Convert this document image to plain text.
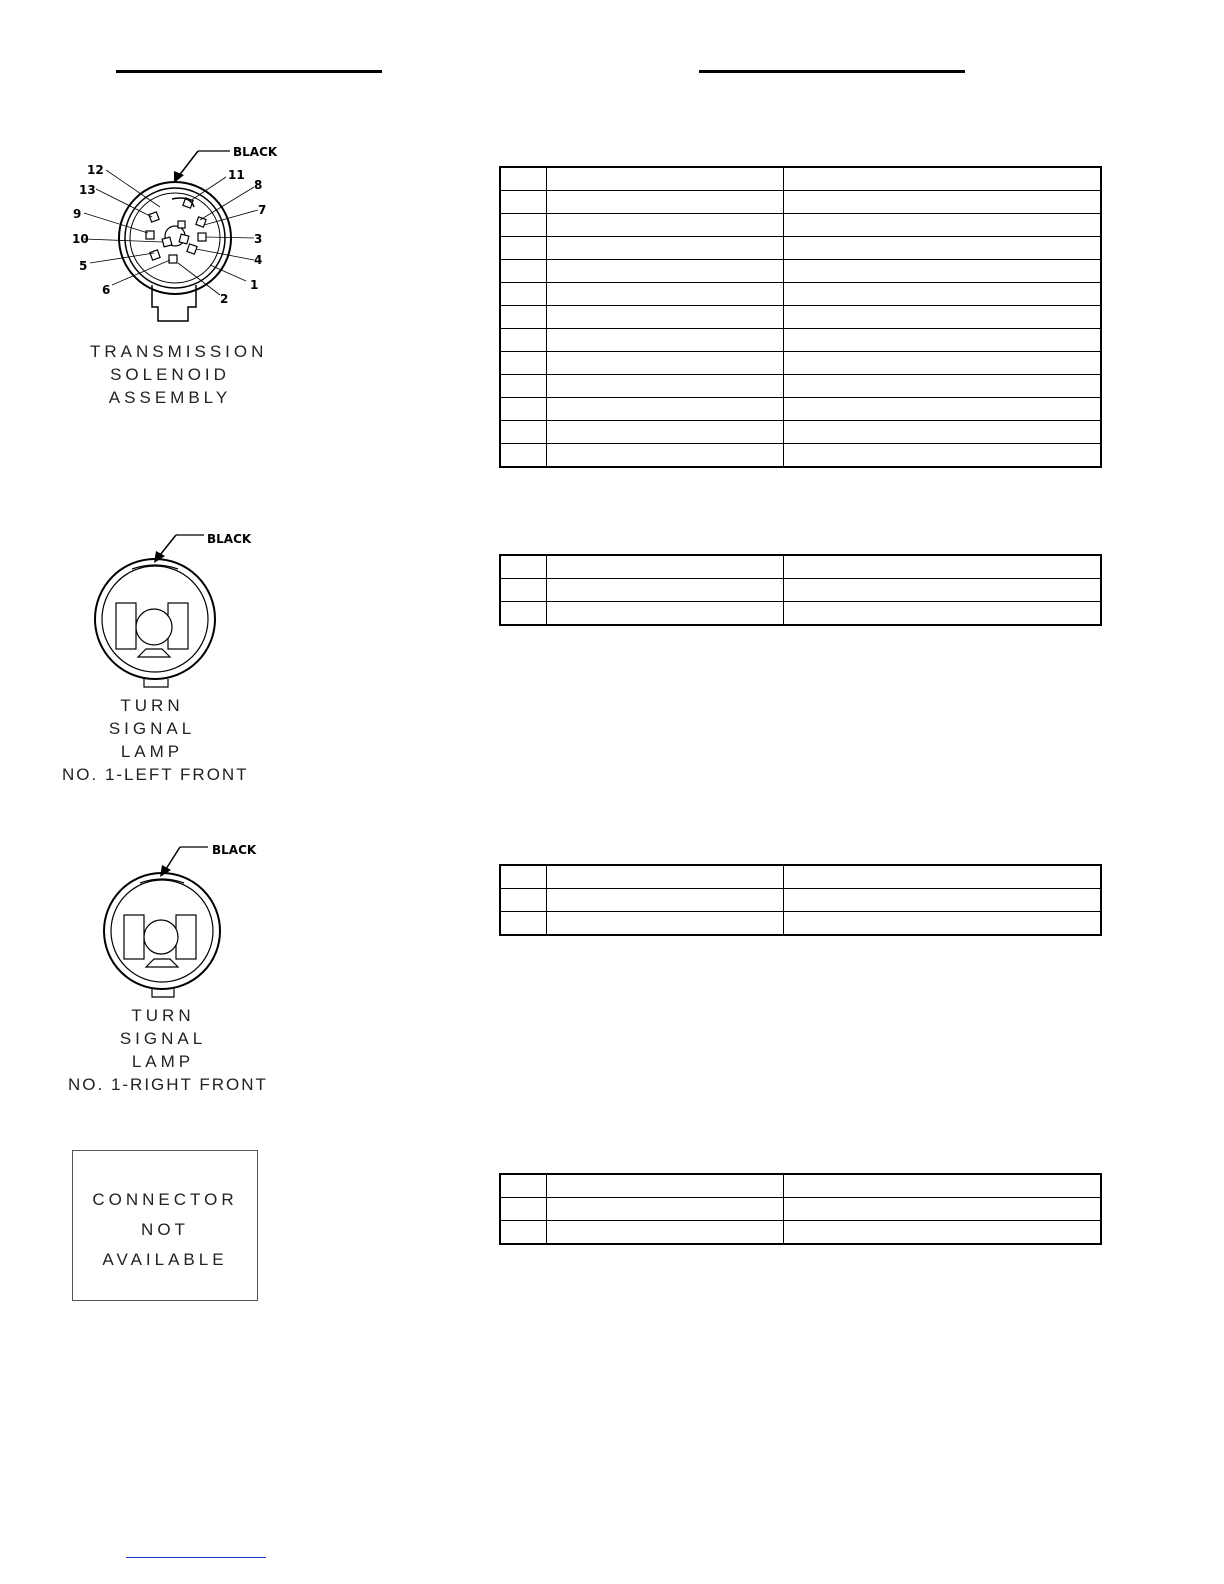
BLACK
12
13
9
10
5
6
11
8
7
3
4
1
2
TRANSMISSION
SOLENOID
ASSEMBLY

BLACK
TURN
SIGNAL
LAMP
NO. 1-LEFT FRONT

BLACK
TURN
SIGNAL
LAMP
NO. 1-RIGHT FRONT

CONNECTOR
NOT
AVAILABLE
